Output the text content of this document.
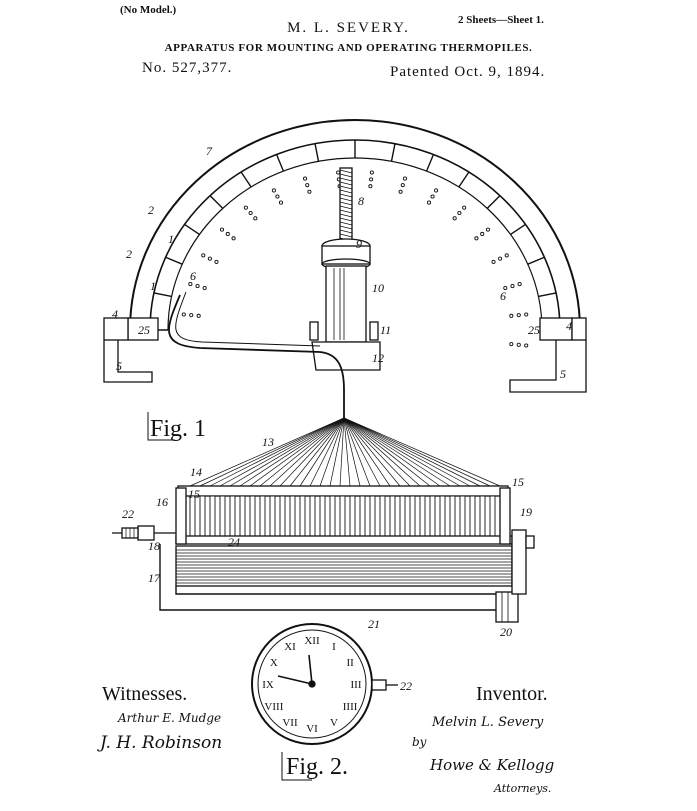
(No Model.)
M. L. SEVERY.	2 Sheets—Sheet 1.
APPARATUS FOR MOUNTING AND OPERATING THERMOPILES.
No. 527,377.	Patented Oct. 9, 1894.
7
8
9
10
11
12
2
2
1
1
6
6
4
4
25	25
5
5
Fig. 1	13
14
15
15
16
19
22
18	24
17
20
XII I
II
III
IIII
V
VI
VII
VIII
IX
X
XI
21
22
Fig. 2.
Witnesses.
Arthur E. Mudge
J. H. Robinson
Inventor.
Melvin L. Severy
by
Howe & Kellogg
Attorneys.
